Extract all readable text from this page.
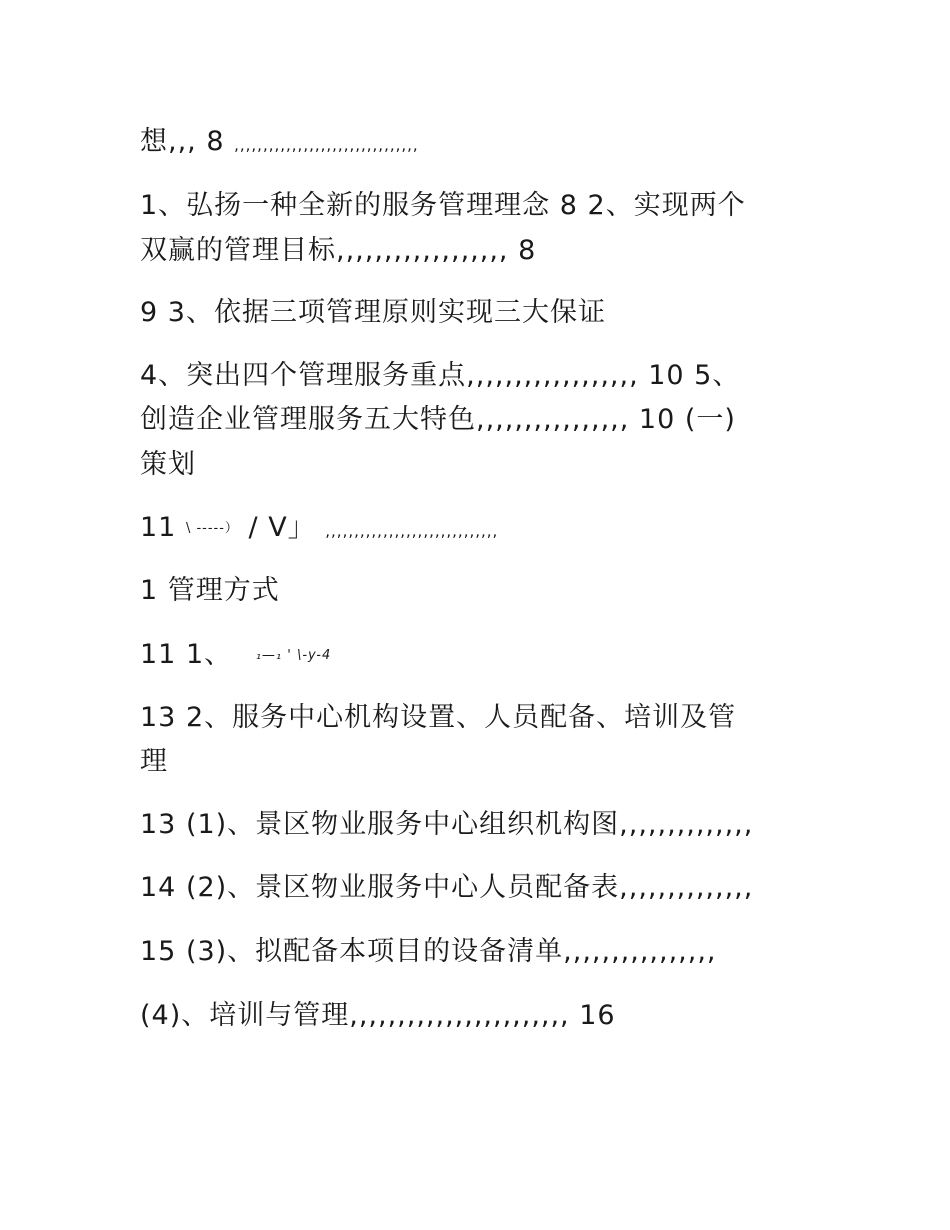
想,,, 8 ,,,,,,,,,,,,,,,,,,,,,,,,,,,,,,,,
1、弘扬一种全新的服务管理理念 8 2、实现两个
双赢的管理目标,,,,,,,,,,,,,,,,,, 8
9 3、依据三项管理原则实现三大保证
4、突出四个管理服务重点,,,,,,,,,,,,,,,,,, 10 5、
创造企业管理服务五大特色,,,,,,,,,,,,,,,, 10 (一)
策划
11 \ -----） / V」 ,,,,,,,,,,,,,,,,,,,,,,,,,,,,,,
1 管理方式
11 1、 ₁—₁ ' \-y-4
13 2、服务中心机构设置、人员配备、培训及管
理
13 (1)、景区物业服务中心组织机构图,,,,,,,,,,,,,,
14 (2)、景区物业服务中心人员配备表,,,,,,,,,,,,,,
15 (3)、拟配备本项目的设备清单,,,,,,,,,,,,,,,,
(4)、培训与管理,,,,,,,,,,,,,,,,,,,,,,, 16
